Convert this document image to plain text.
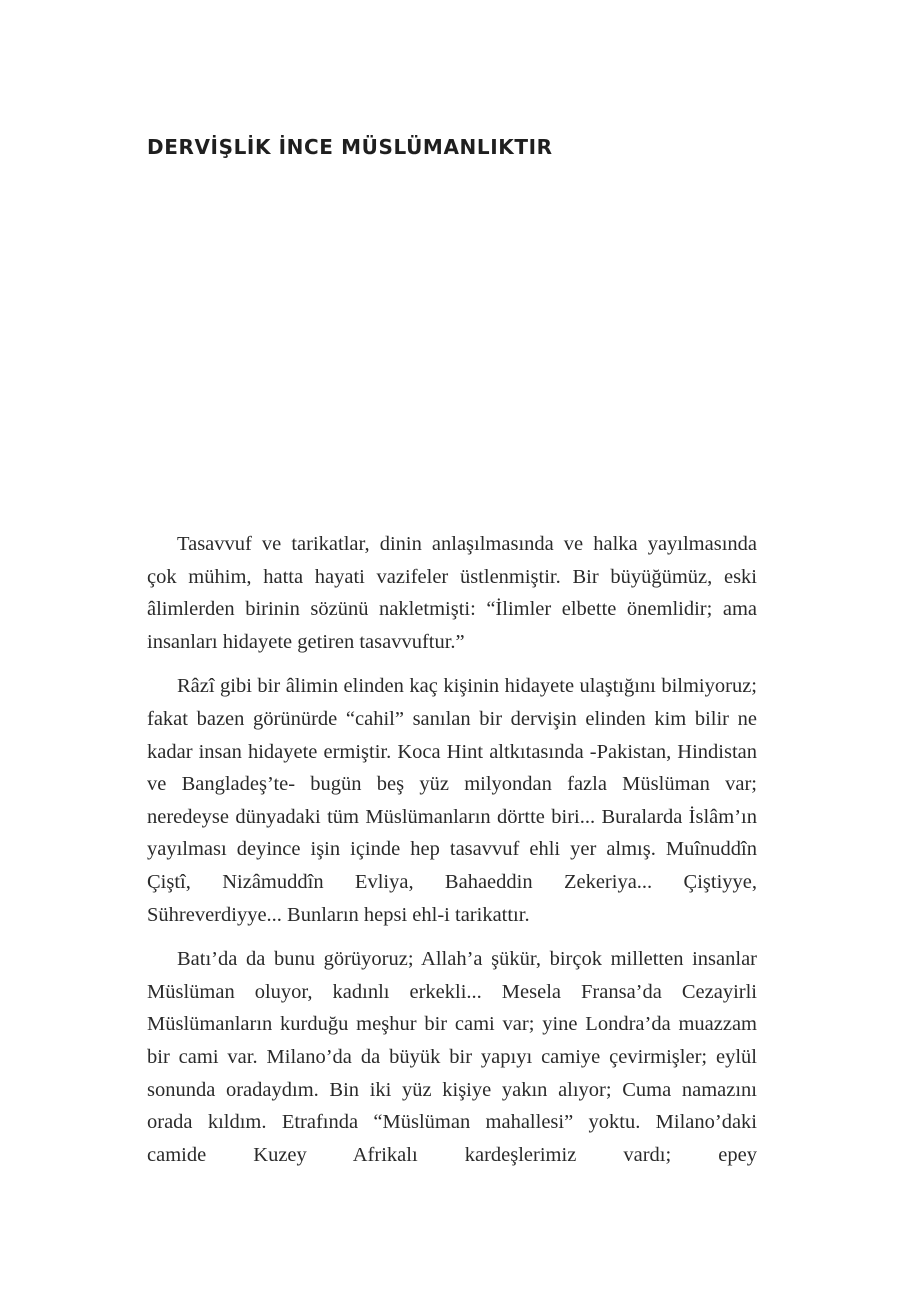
DERVİŞLİK İNCE MÜSLÜMANLIKTIR

Tasavvuf ve tarikatlar, dinin anlaşılmasında ve halka yayılmasında çok mühim, hatta hayati vazifeler üstlenmiştir. Bir büyüğümüz, eski âlimlerden birinin sözünü nakletmişti: “İlimler elbette önemlidir; ama insanları hidayete getiren tasavvuftur.”

Râzî gibi bir âlimin elinden kaç kişinin hidayete ulaştığını bilmiyoruz; fakat bazen görünürde “cahil” sanılan bir dervişin elinden kim bilir ne kadar insan hidayete ermiştir. Koca Hint altkıtasında -Pakistan, Hindistan ve Bangladeş’te- bugün beş yüz milyondan fazla Müslüman var; neredeyse dünyadaki tüm Müslümanların dörtte biri... Buralarda İslâm’ın yayılması deyince işin içinde hep tasavvuf ehli yer almış. Muînuddîn Çiştî, Nizâmuddîn Evliya, Bahaeddin Zekeriya... Çiştiyye, Sühreverdiyye... Bunların hepsi ehl-i tarikattır.

Batı’da da bunu görüyoruz; Allah’a şükür, birçok milletten insanlar Müslüman oluyor, kadınlı erkekli... Mesela Fransa’da Cezayirli Müslümanların kurduğu meşhur bir cami var; yine Londra’da muazzam bir cami var. Milano’da da büyük bir yapıyı camiye çevirmişler; eylül sonunda oradaydım. Bin iki yüz kişiye yakın alıyor; Cuma namazını orada kıldım. Etrafında “Müslüman mahallesi” yoktu. Milano’daki camide Kuzey Afrikalı kardeşlerimiz vardı; epey
